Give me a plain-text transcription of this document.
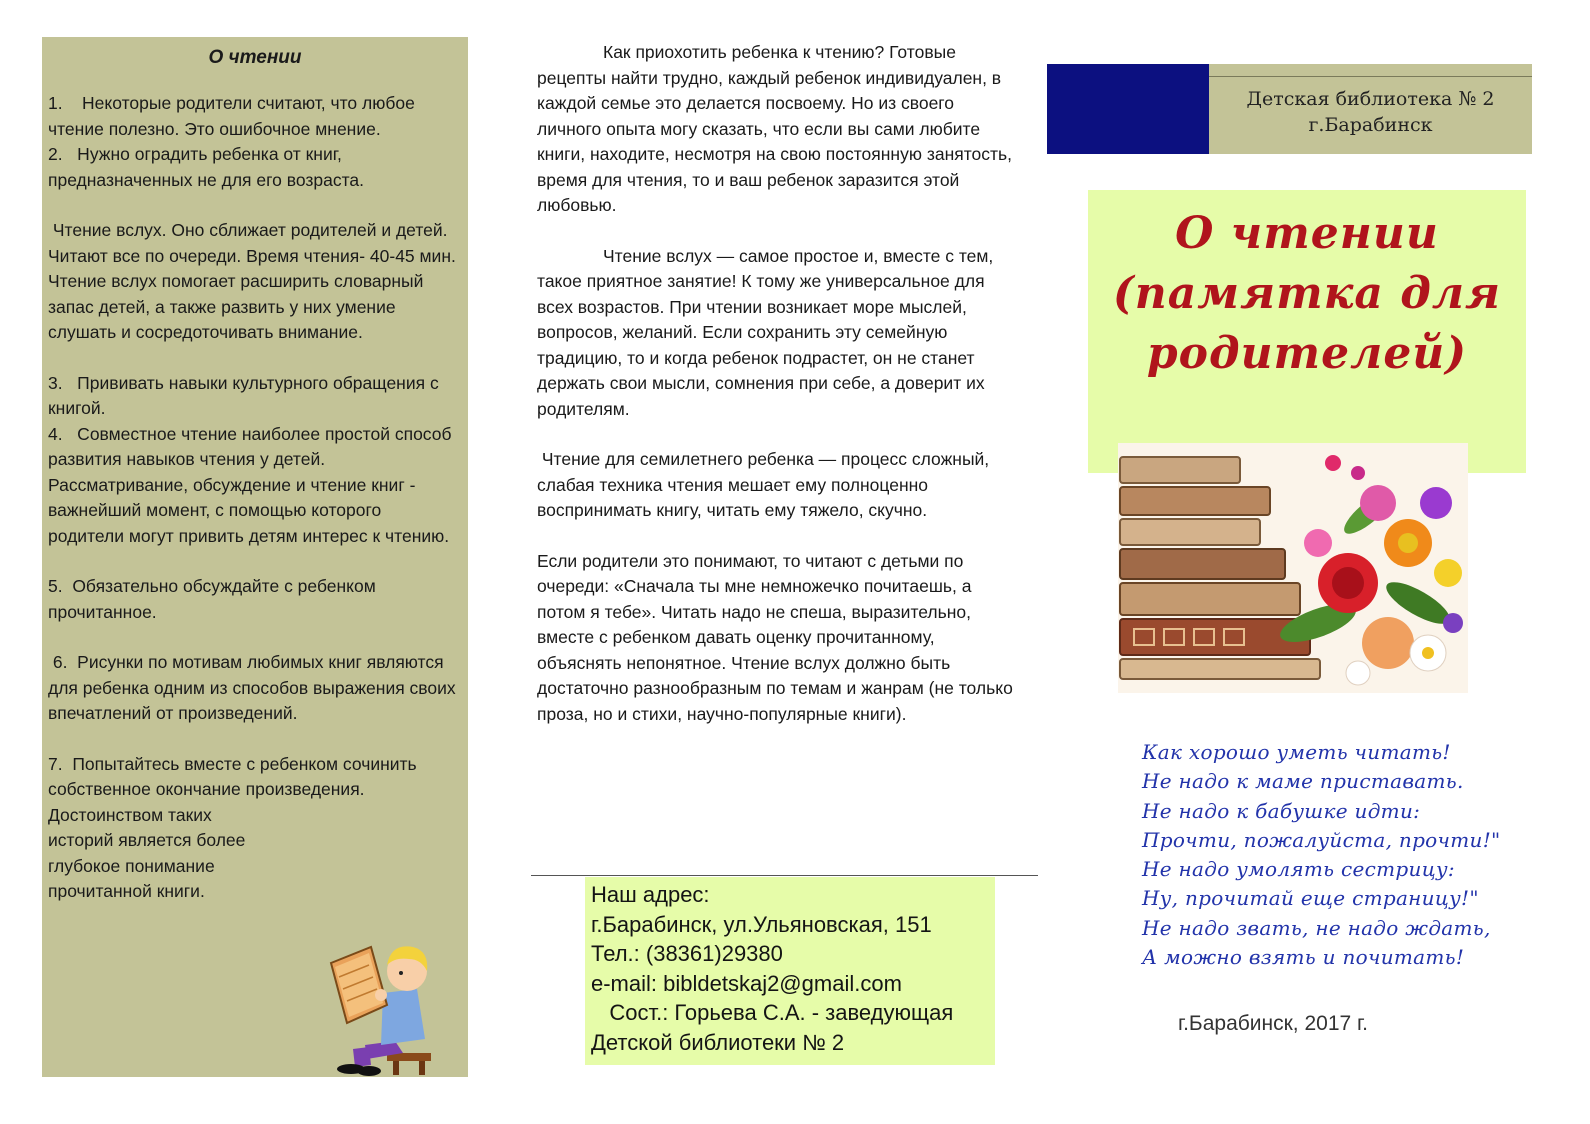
О чтении

1.    Некоторые родители считают, что любое чтение полезно. Это ошибочное мнение.

2.   Нужно оградить ребенка от книг, предназначенных не для его возраста.

Чтение вслух. Оно сближает родителей и детей. Читают все по очереди. Время чтения- 40-45 мин. Чтение вслух помогает расширить словарный запас детей, а также развить у них умение слушать и сосредоточивать внимание.

3.   Прививать навыки культурного обращения с книгой.

4.   Совместное чтение наиболее простой способ развития навыков чтения у детей. Рассматривание, обсуждение и чтение книг - важнейший момент, с помощью которого родители могут привить детям интерес к чтению.

5.  Обязательно обсуждайте с ребенком прочитанное.

6.  Рисунки по мотивам любимых книг являются для ребенка одним из способов выражения своих впечатлений от произведений.

7.  Попытайтесь вместе с ребенком сочинить собственное окончание произведения. Достоинством таких

историй является более глубокое понимание прочитанной книги.

Как приохотить ребенка к чтению? Готовые рецепты найти трудно, каждый ребенок индивидуален, в каждой семье это делается посвоему. Но из своего личного опыта могу сказать, что если вы сами любите книги, находите, несмотря на свою постоянную занятость, время для чтения, то и ваш ребенок заразится этой любовью.

Чтение вслух — самое простое и, вместе с тем, такое приятное занятие! К тому же универсальное для всех возрастов. При чтении возникает море мыслей, вопросов, желаний. Если сохранить эту семейную традицию, то и когда ребенок подрастет, он не станет держать свои мысли, сомнения при себе, а доверит их родителям.

Чтение для семилетнего ребенка — процесс сложный, слабая техника чтения мешает ему полноценно воспринимать книгу, читать ему тяжело, скучно.

Если родители это понимают, то читают с детьми по очереди: «Сначала ты мне немножечко почитаешь, а потом я тебе». Читать надо не спеша, выразительно, вместе с ребенком давать оценку прочитанному, объяснять непонятное. Чтение вслух должно быть достаточно разнообразным по темам и жанрам (не только проза, но и стихи, научно-популярные книги).

Наш адрес:
г.Барабинск, ул.Ульяновская, 151
Тел.: (38361)29380
e-mail: bibldetskaj2@gmail.com
Сост.: Горьева С.А. - заведующая
Детской библиотеки № 2
Детская библиотека № 2
г.Барабинск
О чтении
(памятка для
родителей)
Как хорошо уметь читать!
Не надо к маме приставать.
Не надо к бабушке идти:
Прочти, пожалуйста, прочти!"
Не надо умолять сестрицу:
Ну, прочитай еще страницу!"
Не надо звать, не надо ждать,
А можно взять и почитать!
г.Барабинск, 2017 г.
